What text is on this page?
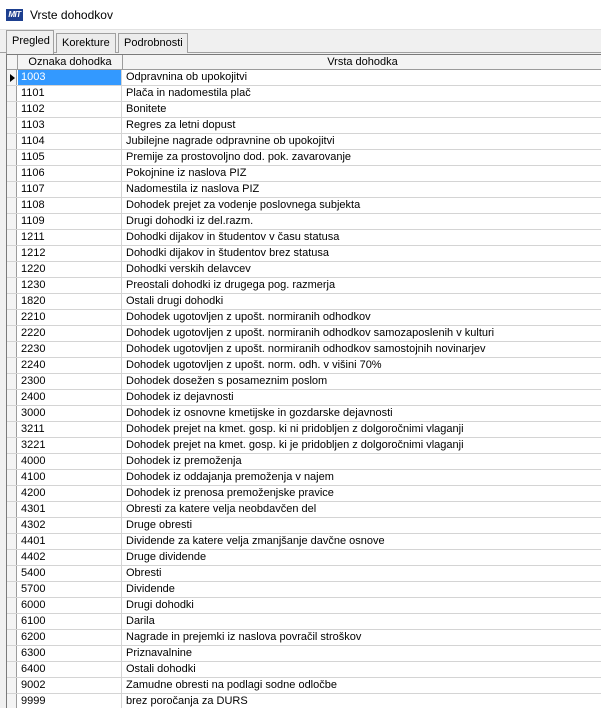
MIT Vrste dohodkov
Pregled	Korekture	Podrobnosti
Oznaka dohodka	Vrsta dohodka
1003	Odpravnina ob upokojitvi
1101	Plača in nadomestila plač
1102	Bonitete
1103	Regres za letni dopust
1104	Jubilejne nagrade odpravnine ob upokojitvi
1105	Premije za prostovoljno dod. pok. zavarovanje
1106	Pokojnine iz naslova PIZ
1107	Nadomestila iz naslova PIZ
1108	Dohodek prejet za vodenje poslovnega subjekta
1109	Drugi dohodki iz del.razm.
1211	Dohodki dijakov in študentov v času statusa
1212	Dohodki dijakov in študentov brez statusa
1220	Dohodki verskih delavcev
1230	Preostali dohodki iz drugega pog. razmerja
1820	Ostali drugi dohodki
2210	Dohodek ugotovljen z upošt. normiranih odhodkov
2220	Dohodek ugotovljen z upošt. normiranih odhodkov samozaposlenih v kulturi
2230	Dohodek ugotovljen z upošt. normiranih odhodkov samostojnih novinarjev
2240	Dohodek ugotovljen z upošt. norm. odh. v višini 70%
2300	Dohodek dosežen s posameznim poslom
2400	Dohodek iz dejavnosti
3000	Dohodek iz osnovne kmetijske in gozdarske dejavnosti
3211	Dohodek prejet na kmet. gosp. ki ni pridobljen z dolgoročnimi vlaganji
3221	Dohodek prejet na kmet. gosp. ki je pridobljen z dolgoročnimi vlaganji
4000	Dohodek iz premoženja
4100	Dohodek iz oddajanja premoženja v najem
4200	Dohodek iz prenosa premoženjske pravice
4301	Obresti za katere velja neobdavčen del
4302	Druge obresti
4401	Dividende za katere velja zmanjšanje davčne osnove
4402	Druge dividende
5400	Obresti
5700	Dividende
6000	Drugi dohodki
6100	Darila
6200	Nagrade in prejemki iz naslova povračil stroškov
6300	Priznavalnine
6400	Ostali dohodki
9002	Zamudne obresti na podlagi sodne odločbe
9999	brez poročanja za DURS
